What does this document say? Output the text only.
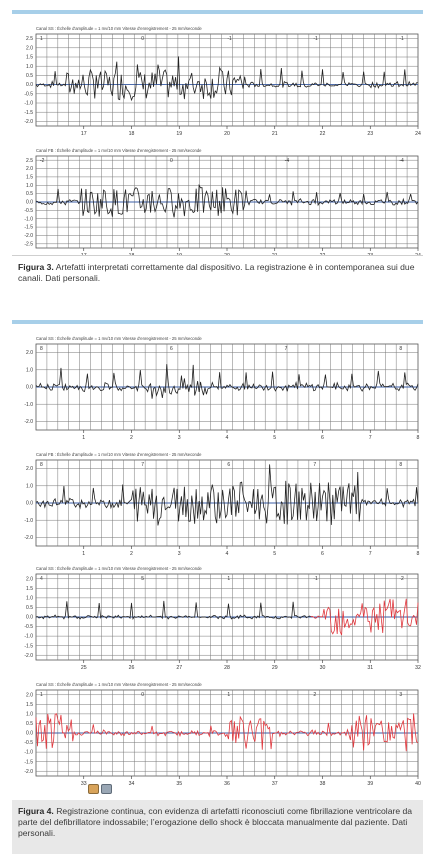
Canal SS : Échelle d'amplitude = 1 mv/10 mm Vitesse d'enregistrement - 25 mm/seconde
2.5
2.0
1.5
1.0
0.5
0.0
-0.5
-1.0
-1.5
-2.0
17	18	19	20	21	22	23	24
1	0	-1	-1	-1
Canal FB : Échelle d'amplitude = 1 mv/10 mm Vitesse d'enregistrement - 25 mm/seconde
2.5
2.0
1.5
1.0
0.5
0.0
-0.5
-1.0
-1.5
-2.0
-2.5
-2	0	-4	-4
Figura 3. Artefatti interpretati correttamente dal dispositivo. La registrazione è in contemporanea sui due canali. Dati personali.
Canal SS : Échelle d'amplitude = 1 mv/10 mm Vitesse d'enregistrement - 25 mm/seconde
2.0
1.0
0.0
-1.0
-2.0
1	2	3	4	5	6	7	8
8	6	7	8
Canal FB : Échelle d'amplitude = 1 mv/10 mm Vitesse d'enregistrement - 25 mm/seconde
2.0
1.0
0.0
-1.0
-2.0
1	2	3	4	5	6	7	8
8	7	6	7	8
Canal SS : Échelle d'amplitude = 1 mv/10 mm Vitesse d'enregistrement - 25 mm/seconde
2.0
1.5
1.0
0.5
0.0
-0.5
-1.0
-1.5
-2.0
25	26	27	28	29	30	31	32
4	5	1	-1	-2
Canal SS : Échelle d'amplitude = 1 mv/10 mm Vitesse d'enregistrement - 25 mm/seconde
2.0
1.5
1.0
0.5
0.0
-0.5
-1.0
-1.5
-2.0
33	34	35	36	37	38	39	40
1	0	1	2	3
Figura 4. Registrazione continua, con evidenza di artefatti riconosciuti come fibrillazione ventricolare da parte del defibrillatore indossabile; l’erogazione dello shock è bloccata manualmente dal paziente. Dati personali.
